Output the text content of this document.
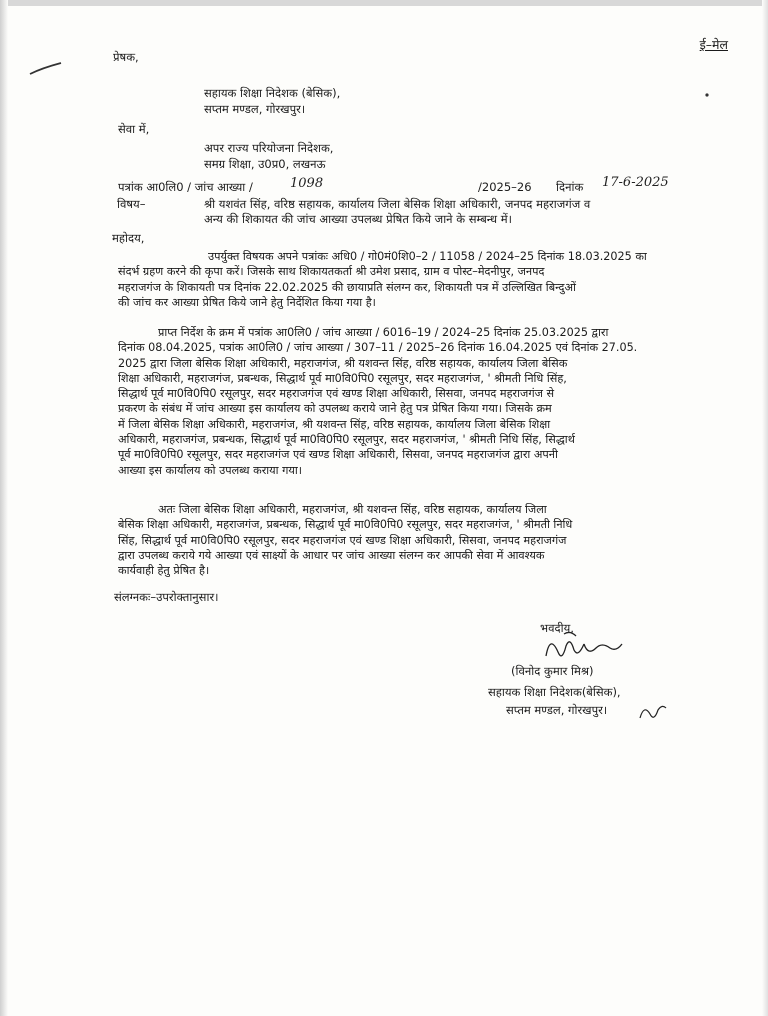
ई–मेल
प्रेषक,
सहायक शिक्षा निदेशक (बेसिक),
सप्तम मण्डल, गोरखपुर।
सेवा में,
अपर राज्य परियोजना निदेशक,
समग्र शिक्षा, उ0प्र0, लखनऊ
पत्रांक आ0लि0 / जांच आख्या /	1098	/2025–26 दिनांक 17-6-2025
विषय–	श्री यशवंत सिंह, वरिष्ठ सहायक, कार्यालय जिला बेसिक शिक्षा अधिकारी, जनपद महराजगंज व
अन्य की शिकायत की जांच आख्या उपलब्ध प्रेषित किये जाने के सम्बन्ध में।
महोदय,
उपर्युक्त विषयक अपने पत्रांकः अधि0 / गो0मं0शि0–2 / 11058 / 2024–25 दिनांक 18.03.2025 का
संदर्भ ग्रहण करने की कृपा करें। जिसके साथ शिकायतकर्ता श्री उमेश प्रसाद, ग्राम व पोस्ट–मेदनीपुर, जनपद
महराजगंज के शिकायती पत्र दिनांक 22.02.2025 की छायाप्रति संलग्न कर, शिकायती पत्र में उल्लिखित बिन्दुओं
की जांच कर आख्या प्रेषित किये जाने हेतु निर्देशित किया गया है।
प्राप्त निर्देश के क्रम में पत्रांक आ0लि0 / जांच आख्या / 6016–19 / 2024–25 दिनांक 25.03.2025 द्वारा
दिनांक 08.04.2025, पत्रांक आ0लि0 / जांच आख्या / 307–11 / 2025–26 दिनांक 16.04.2025 एवं दिनांक 27.05.
2025 द्वारा जिला बेसिक शिक्षा अधिकारी, महराजगंज, श्री यशवन्त सिंह, वरिष्ठ सहायक, कार्यालय जिला बेसिक
शिक्षा अधिकारी, महराजगंज, प्रबन्धक, सिद्धार्थ पूर्व मा0वि0पि0 रसूलपुर, सदर महराजगंज, ' श्रीमती निधि सिंह,
सिद्धार्थ पूर्व मा0वि0पि0 रसूलपुर, सदर महराजगंज एवं खण्ड शिक्षा अधिकारी, सिसवा, जनपद महराजगंज से
प्रकरण के संबंध में जांच आख्या इस कार्यालय को उपलब्ध कराये जाने हेतु पत्र प्रेषित किया गया। जिसके क्रम
में जिला बेसिक शिक्षा अधिकारी, महराजगंज, श्री यशवन्त सिंह, वरिष्ठ सहायक, कार्यालय जिला बेसिक शिक्षा
अधिकारी, महराजगंज, प्रबन्धक, सिद्धार्थ पूर्व मा0वि0पि0 रसूलपुर, सदर महराजगंज, ' श्रीमती निधि सिंह, सिद्धार्थ
पूर्व मा0वि0पि0 रसूलपुर, सदर महराजगंज एवं खण्ड शिक्षा अधिकारी, सिसवा, जनपद महराजगंज द्वारा अपनी
आख्या इस कार्यालय को उपलब्ध कराया गया।
अतः जिला बेसिक शिक्षा अधिकारी, महराजगंज, श्री यशवन्त सिंह, वरिष्ठ सहायक, कार्यालय जिला
बेसिक शिक्षा अधिकारी, महराजगंज, प्रबन्धक, सिद्धार्थ पूर्व मा0वि0पि0 रसूलपुर, सदर महराजगंज, ' श्रीमती निधि
सिंह, सिद्धार्थ पूर्व मा0वि0पि0 रसूलपुर, सदर महराजगंज एवं खण्ड शिक्षा अधिकारी, सिसवा, जनपद महराजगंज
द्वारा उपलब्ध कराये गये आख्या एवं साक्ष्यों के आधार पर जांच आख्या संलग्न कर आपकी सेवा में आवश्यक
कार्यवाही हेतु प्रेषित है।
संलग्नकः–उपरोक्तानुसार।
भवदीय,
(विनोद कुमार मिश्र)
सहायक शिक्षा निदेशक(बेसिक),
सप्तम मण्डल, गोरखपुर।
